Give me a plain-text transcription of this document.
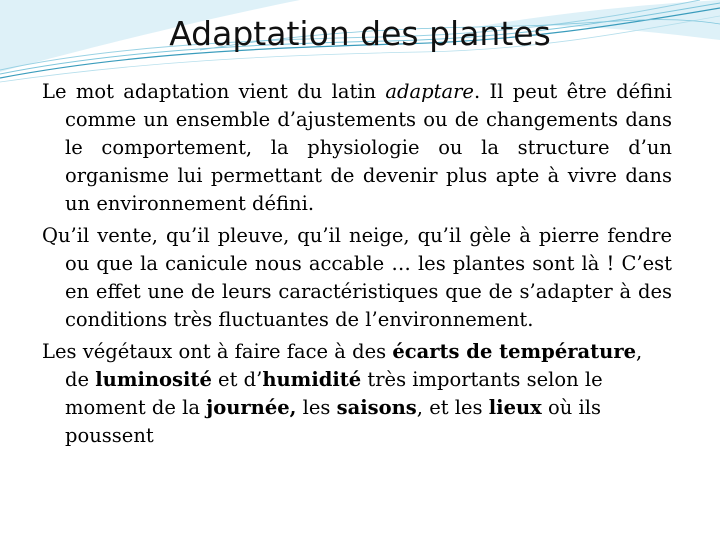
Adaptation des plantes

Le mot adaptation vient du latin adaptare. Il peut être défini comme un ensemble d’ajustements ou de changements dans le comportement, la physiologie ou la structure d’un organisme lui permettant de devenir plus apte à vivre dans un environnement défini.

Qu’il vente, qu’il pleuve, qu’il neige, qu’il gèle à pierre fendre ou que la canicule nous accable … les plantes sont là ! C’est en effet une de leurs caractéristiques que de s’adapter à des conditions très fluctuantes de l’environnement.

Les végétaux ont à faire face à des écarts de température, de luminosité et d’humidité très importants selon le moment de la journée, les saisons, et les lieux où ils poussent
